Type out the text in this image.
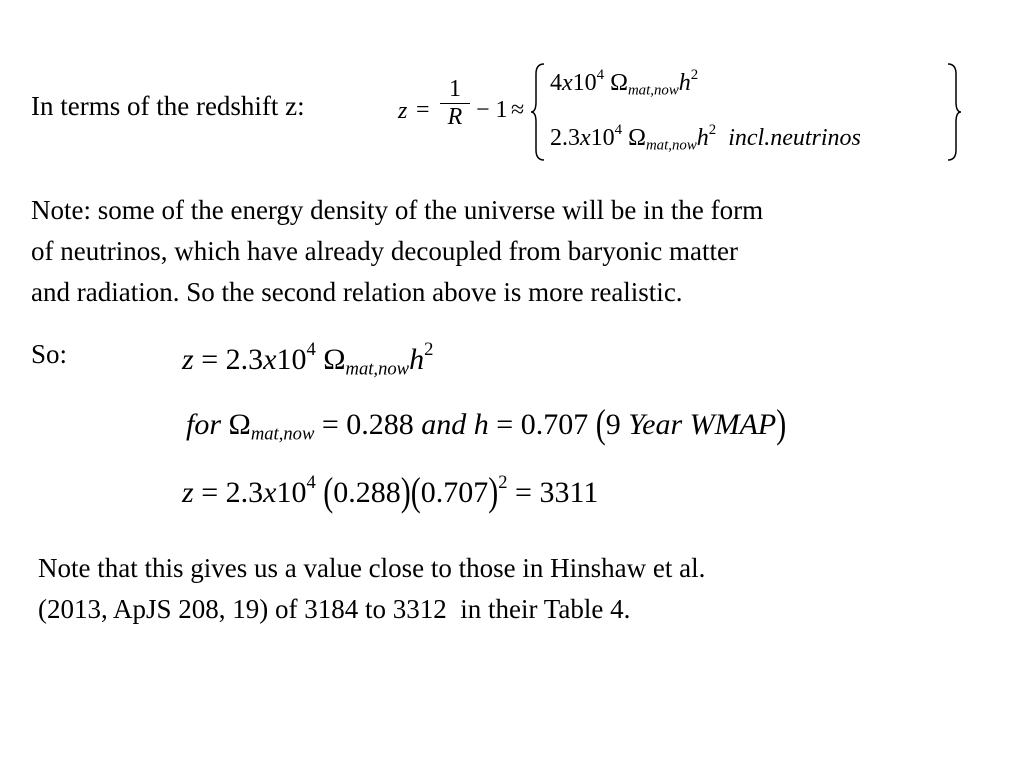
In terms of the redshift z:	z =
1
R − 1 ≈
$4x10^4$ $\Omega_{mat,now}h^2$
$2.3x10^4$ $\Omega_{mat,now}h^2$ incl.neutrinos
Note: some of the energy density of the universe will be in the form
of neutrinos, which have already decoupled from baryonic matter
and radiation. So the second relation above is more realistic.
So:	$z = 2.3x10^4$ $\Omega_{mat,now}h^2$
for $\Omega_{mat,now} = 0.288$ and h = 0.707 (9 Year WMAP)
$z = 2.3x10^4$ $(0.288)(0.707)^2 = 3311$
Note that this gives us a value close to those in Hinshaw et al.
(2013, ApJS 208, 19) of 3184 to 3312  in their Table 4.
